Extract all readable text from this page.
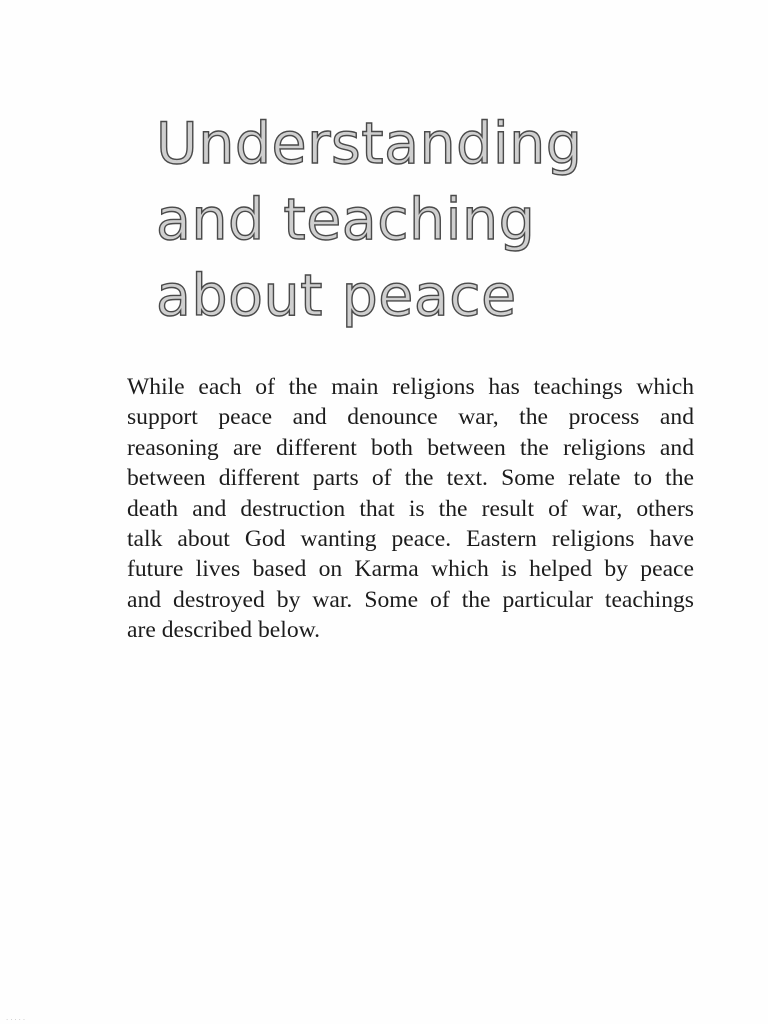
Understanding
and teaching
about peace
While each of the main religions has teachings which
support peace and denounce war, the process and
reasoning are different both between the religions and
between different parts of the text. Some relate to the
death and destruction that is the result of war, others
talk about God wanting peace. Eastern religions have
future lives based on Karma which is helped by peace
and destroyed by war. Some of the particular teachings
are described below.
.....
